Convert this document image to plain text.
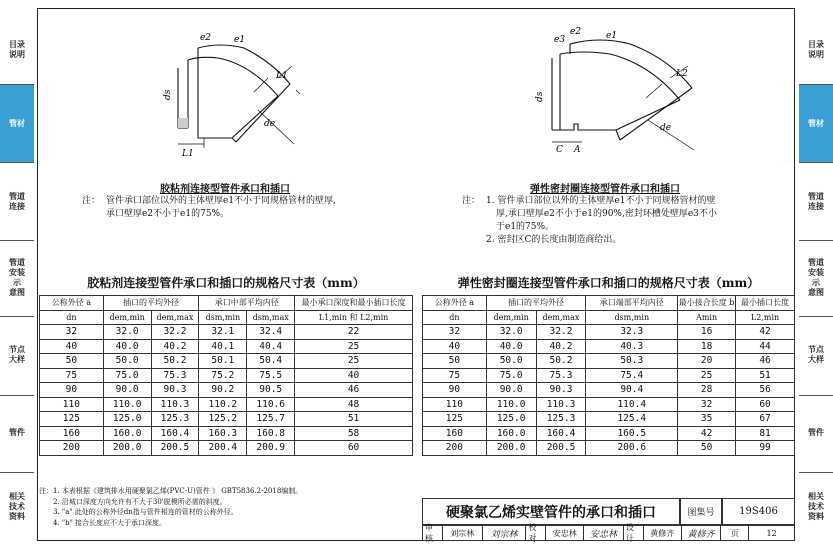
目录
说明
管材
管道
连接
管道
安装
示
意图
节点
大样
管件
相关
技术
资料
目录
说明
管材
管道
连接
管道
安装
示
意图
节点
大样
管件
相关
技术
资料
ds
e2	e1
L1
L1
de
ds
e3
e2	e1
C A
L2
de
胶粘剂连接型管件承口和插口
注： 管件承口部位以外的主体壁厚e1不小于同规格管材的壁厚,
承口壁厚e2不小于e1的75%。
弹性密封圈连接型管件承口和插口
注： 1. 管件承口部位以外的主体壁厚e1不小于同规格管材的壁
厚,承口壁厚e2不小于e1的90%,密封环槽处壁厚e3不小
于e1的75%。
2. 密封区C的长度由制造商给出。
胶粘剂连接型管件承口和插口的规格尺寸表（mm）	弹性密封圈连接型管件承口和插口的规格尺寸表（mm）
公称外径 a	插口的平均外径		承口中部平均内径		最小承口深度和最小插口长度
dn	dem,min	dem,max	dsm,min	dsm,max	L1,min 和 L2,min
32	32.0	32.2	32.1	32.4	22
40	40.0	40.2	40.1	40.4	25
50	50.0	50.2	50.1	50.4	25
75	75.0	75.3	75.2	75.5	40
90	90.0	90.3	90.2	90.5	46
110	110.0	110.3	110.2	110.6	48
125	125.0	125.3	125.2	125.7	51
160	160.0	160.4	160.3	160.8	58
200	200.0	200.5	200.4	200.9	60
公称外径 a	插口的平均外径		承口端部平均内径	最小接合长度 b	最小插口长度
dn	dem,min	dem,max	dsm,min	Amin	L2,min
32	32.0	32.2	32.3	16	42
40	40.0	40.2	40.3	18	44
50	50.0	50.2	50.3	20	46
75	75.0	75.3	75.4	25	51
90	90.0	90.3	90.4	28	56
110	110.0	110.3	110.4	32	60
125	125.0	125.3	125.4	35	67
160	160.0	160.4	160.5	42	81
200	200.0	200.5	200.6	50	99
注：1. 本表根据《建筑排水用硬聚氯乙烯(PVC-U)管件 》 GBT5836.2-2018编制。
2. 沿城口深度方向允许有不大于30'脱模所必需的斜度。
3. "a" 此处的公称外径dn指与管件相连的管材的公称外径。
4. "b" 接合长度应不大于承口深度。
硬聚氯乙烯实壁管件的承口和插口	图集号	19S406
审核
刘宗林	刘宗林
校对
安忠林	安忠林
设计
黄修齐	黄修齐	页	12
